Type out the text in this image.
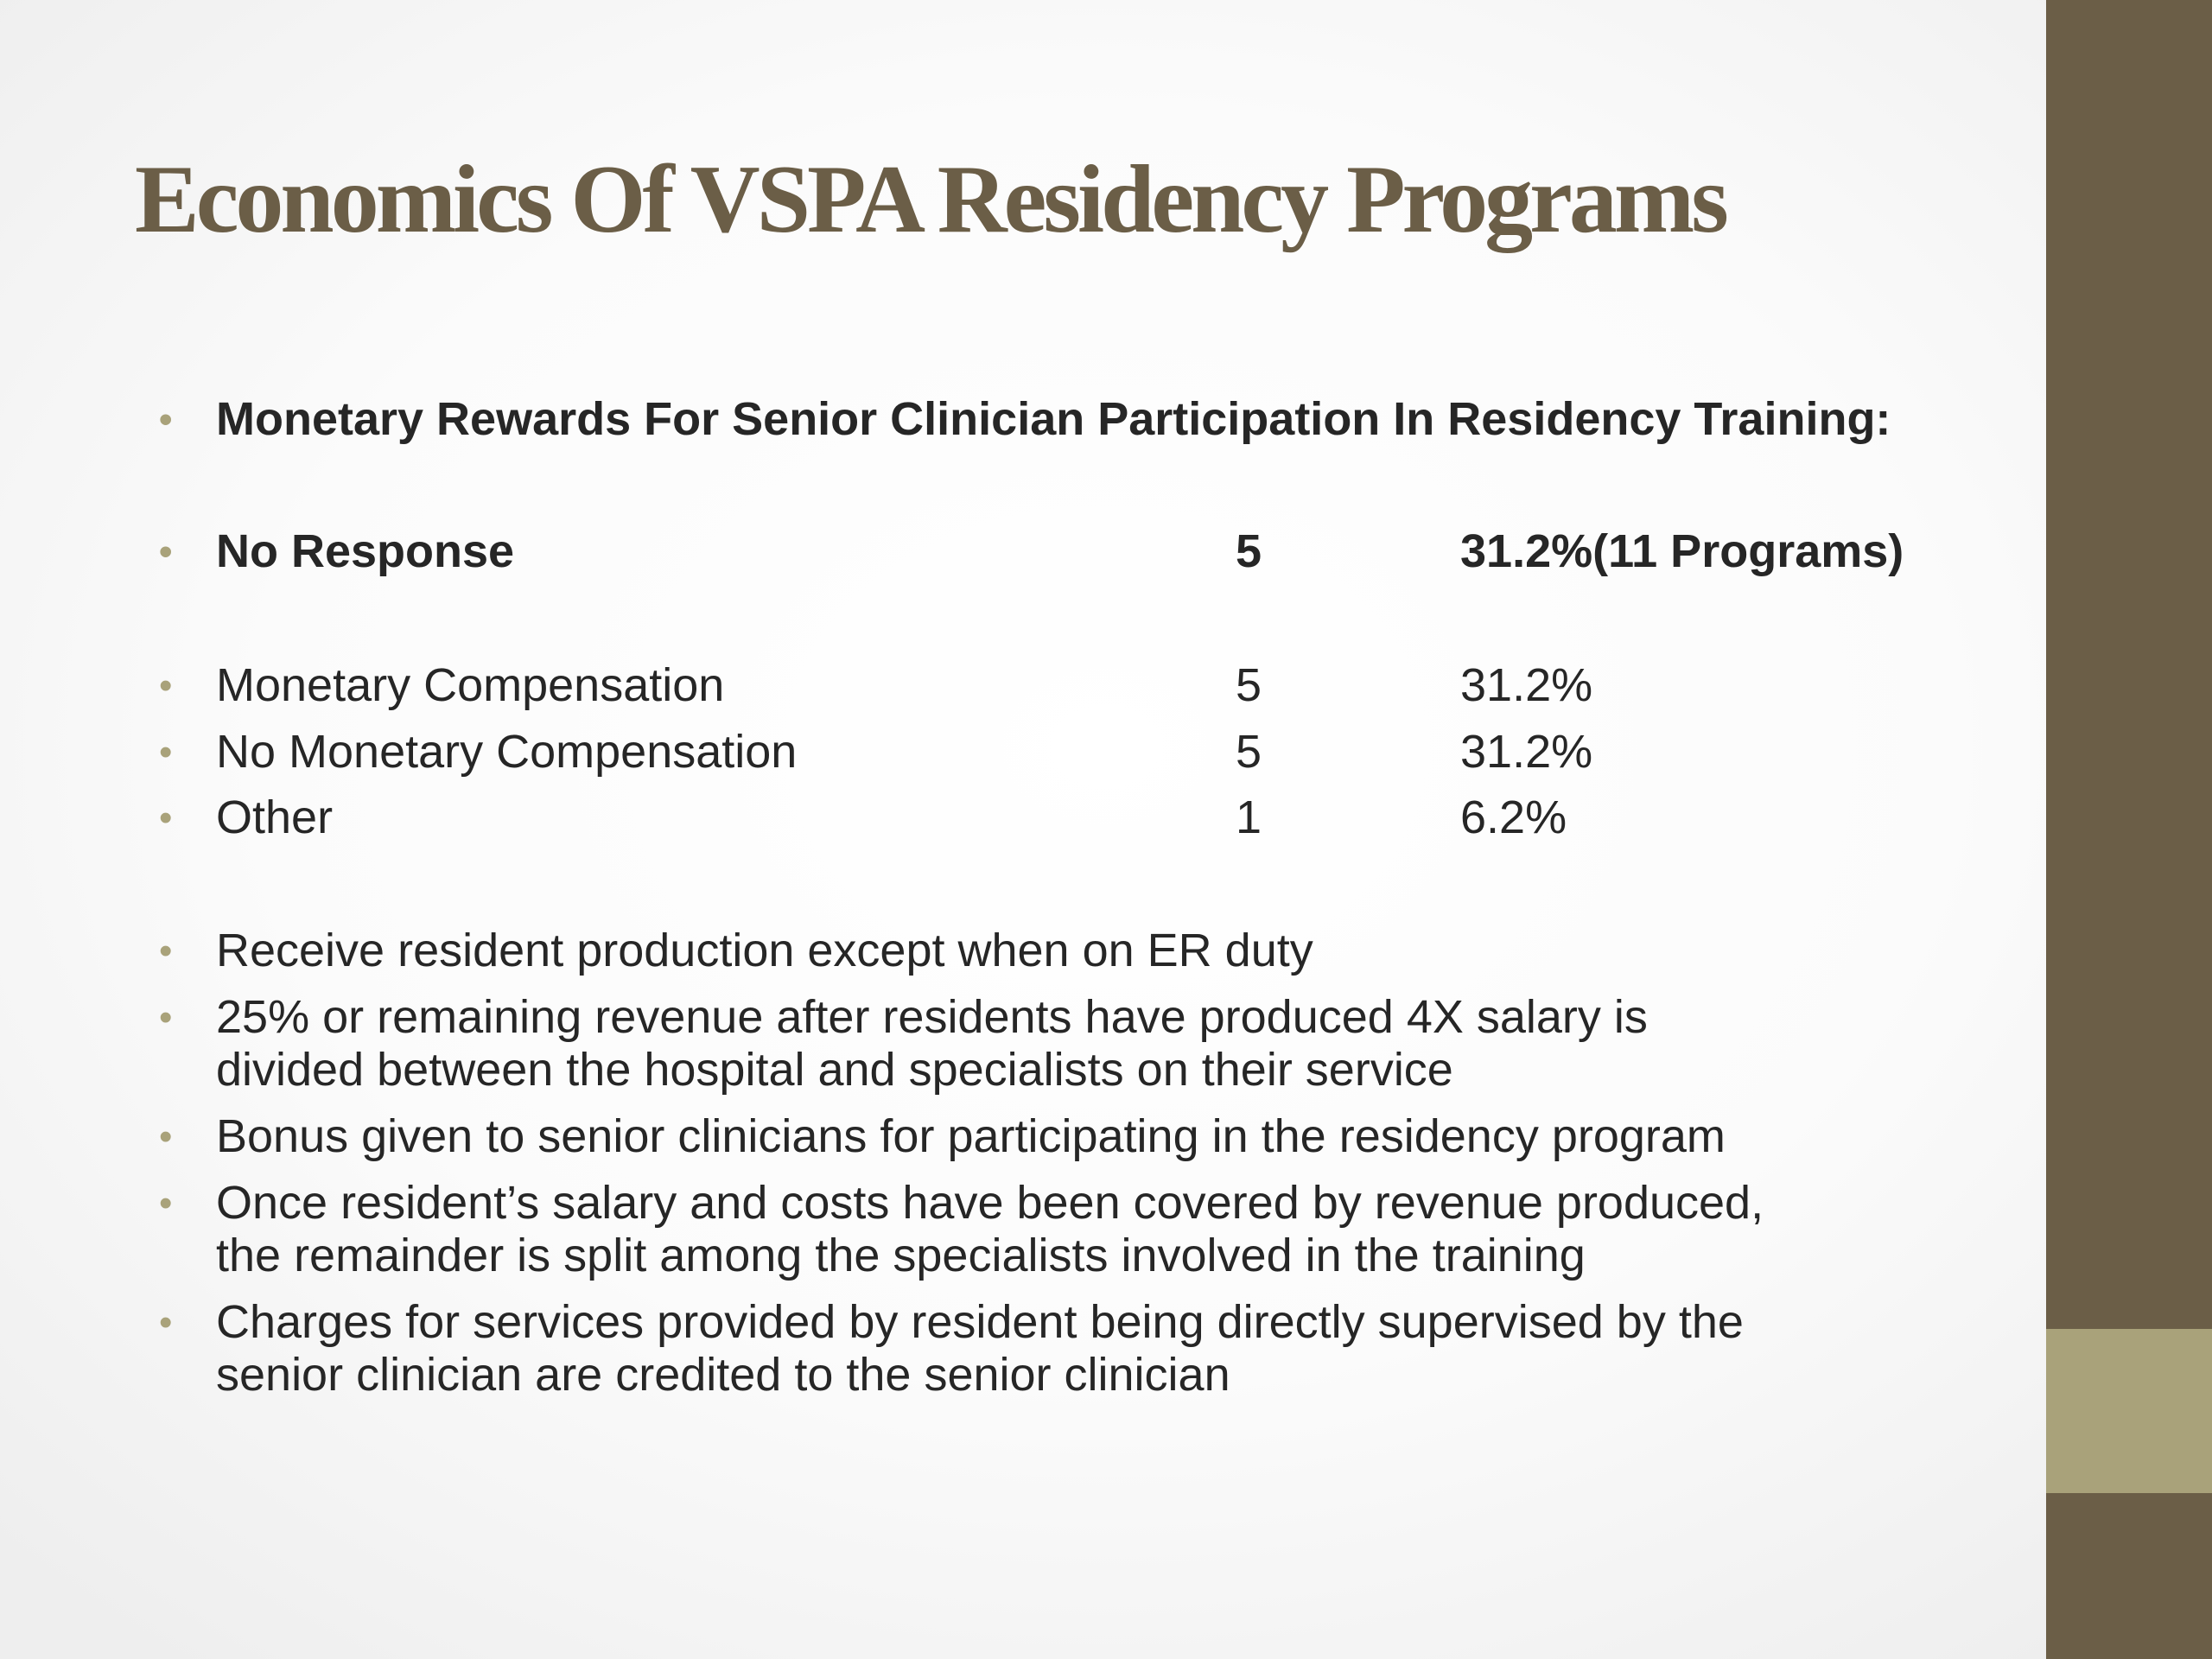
Economics Of VSPA Residency Programs
• Monetary Rewards For Senior Clinician Participation In Residency Training:
• No Response	5	31.2%(11 Programs)
• Monetary Compensation	5	31.2%
• No Monetary Compensation	5	31.2%
• Other	1	6.2%
• Receive resident production except when on ER duty
• 25% or remaining revenue after residents have produced 4X salary is
divided between the hospital and specialists on their service
• Bonus given to senior clinicians for participating in the residency program
• Once resident’s salary and costs have been covered by revenue produced,
the remainder is split among the specialists involved in the training
• Charges for services provided by resident being directly supervised by the
senior clinician are credited to the senior clinician
